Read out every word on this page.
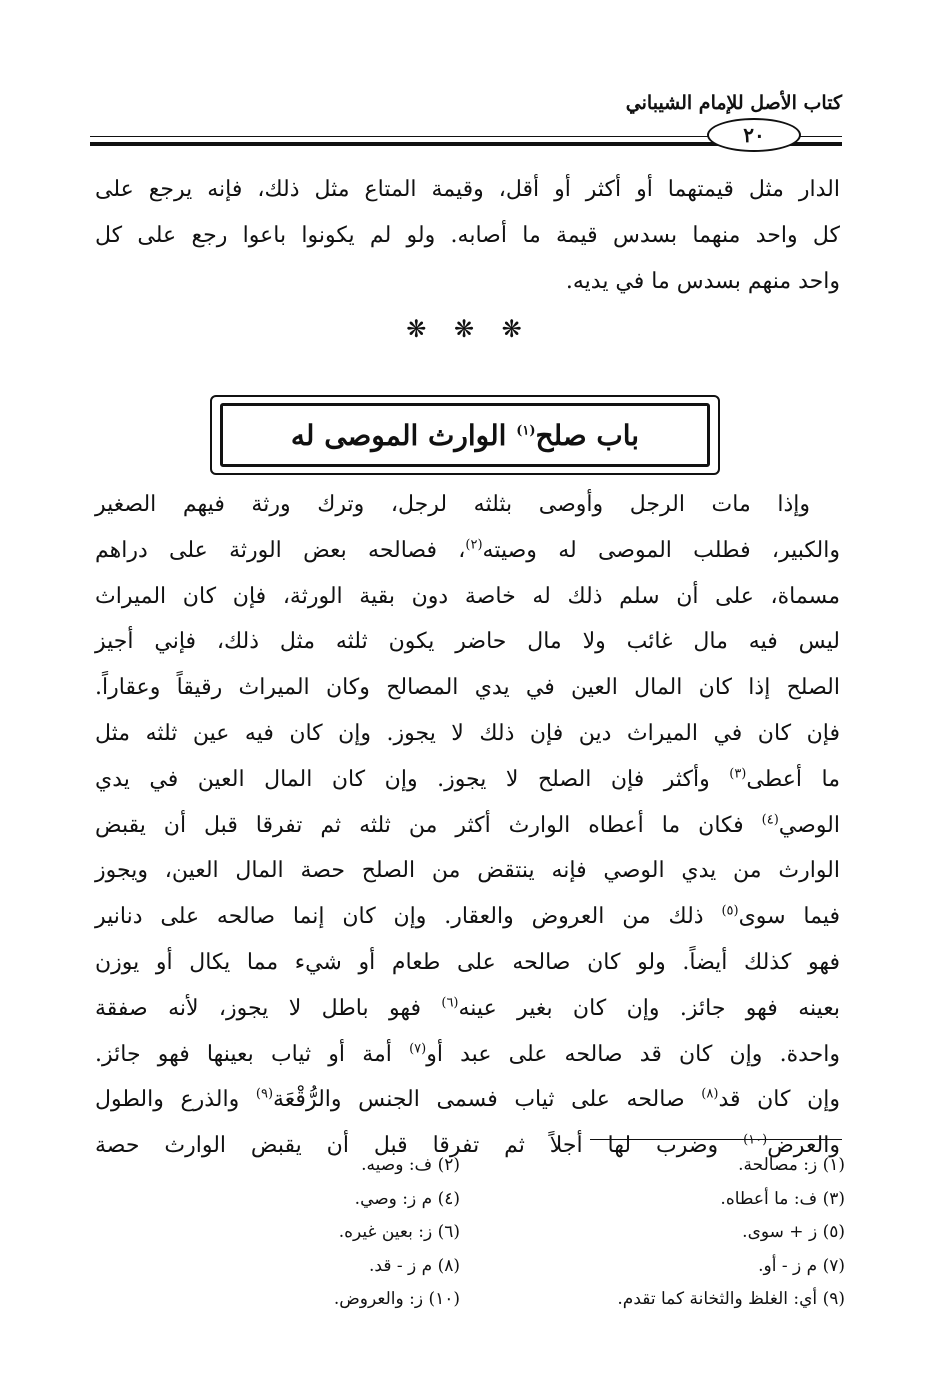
كتاب الأصل للإمام الشيباني
٢٠
الدار مثل قيمتهما أو أكثر أو أقل، وقيمة المتاع مثل ذلك، فإنه يرجع على
كل واحد منهما بسدس قيمة ما أصابه. ولو لم يكونوا باعوا رجع على كل
واحد منهم بسدس ما في يديه.
❋ ❋ ❋
باب صلح$^{(١)}$ الوارث الموصى له
وإذا مات الرجل وأوصى بثلثه لرجل، وترك ورثة فيهم الصغير
والكبير، فطلب الموصى له وصيته$^{(٢)}$، فصالحه بعض الورثة على دراهم
مسماة، على أن سلم ذلك له خاصة دون بقية الورثة، فإن كان الميراث
ليس فيه مال غائب ولا مال حاضر يكون ثلثه مثل ذلك، فإني أجيز
الصلح إذا كان المال العين في يدي المصالح وكان الميراث رقيقاً وعقاراً.
فإن كان في الميراث دين فإن ذلك لا يجوز. وإن كان فيه عين ثلثه مثل
ما أعطى$^{(٣)}$ وأكثر فإن الصلح لا يجوز. وإن كان المال العين في يدي
الوصي$^{(٤)}$ فكان ما أعطاه الوارث أكثر من ثلثه ثم تفرقا قبل أن يقبض
الوارث من يدي الوصي فإنه ينتقض من الصلح حصة المال العين، ويجوز
فيما سوى$^{(٥)}$ ذلك من العروض والعقار. وإن كان إنما صالحه على دنانير
فهو كذلك أيضاً. ولو كان صالحه على طعام أو شيء مما يكال أو يوزن
بعينه فهو جائز. وإن كان بغير عينه$^{(٦)}$ فهو باطل لا يجوز، لأنه صفقة
واحدة. وإن كان قد صالحه على عبد أو$^{(٧)}$ أمة أو ثياب بعينها فهو جائز.
وإن كان قد$^{(٨)}$ صالحه على ثياب فسمى الجنس والرُّقْعَة$^{(٩)}$ والذرع والطول
والعرض$^{(١٠)}$ وضرب لها أجلاً ثم تفرقا قبل أن يقبض الوارث حصة
(١) ز: مصالحة.
(٢) ف: وصيه.
(٣) ف: ما أعطاه.
(٤) م ز: وصي.
(٥) ز + سوى.
(٦) ز: بعين غيره.
(٧) م ز - أو.
(٨) م ز - قد.
(٩) أي: الغلظ والثخانة كما تقدم.
(١٠) ز: والعروض.
